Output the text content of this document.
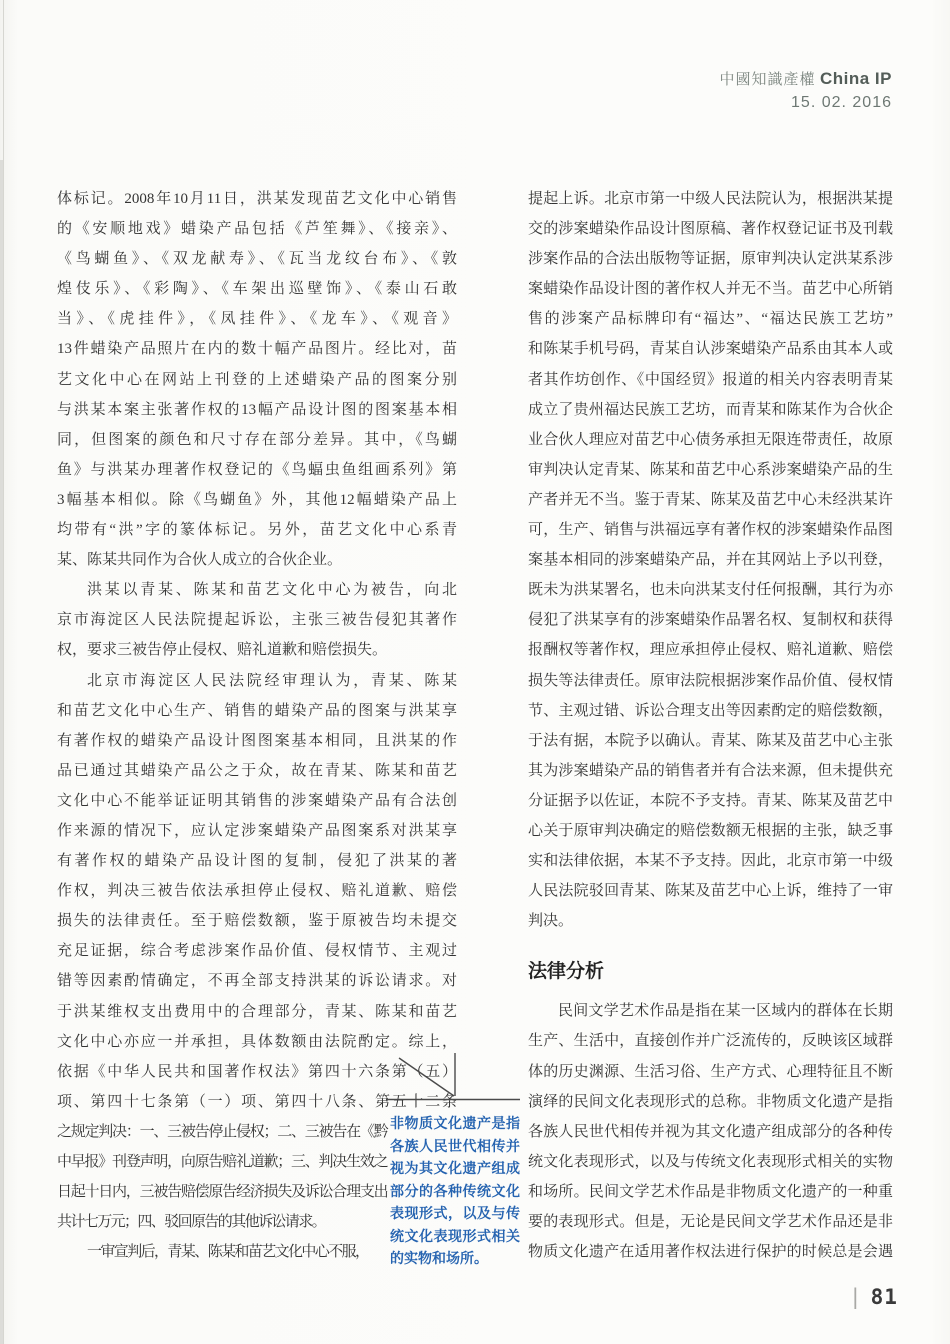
中國知識產權 China IP
15. 02. 2016
体标记。2008年10月11日，洪某发现苗艺文化中心销售
的《安顺地戏》蜡染产品包括《芦笙舞》、《接亲》、
《鸟蝴鱼》、《双龙献寿》、《瓦当龙纹台布》、《敦
煌伎乐》、《彩陶》、《车架出巡壁饰》、《泰山石敢
当》、《虎挂件》，《凤挂件》、《龙车》、《观音》
13件蜡染产品照片在内的数十幅产品图片。经比对，苗
艺文化中心在网站上刊登的上述蜡染产品的图案分别
与洪某本案主张著作权的13幅产品设计图的图案基本相
同，但图案的颜色和尺寸存在部分差异。其中，《鸟蝴
鱼》与洪某办理著作权登记的《鸟蝠虫鱼组画系列》第
3幅基本相似。除《鸟蝴鱼》外，其他12幅蜡染产品上
均带有“洪”字的篆体标记。另外，苗艺文化中心系青
某、陈某共同作为合伙人成立的合伙企业。
洪某以青某、陈某和苗艺文化中心为被告，向北
京市海淀区人民法院提起诉讼，主张三被告侵犯其著作
权，要求三被告停止侵权、赔礼道歉和赔偿损失。
北京市海淀区人民法院经审理认为，青某、陈某
和苗艺文化中心生产、销售的蜡染产品的图案与洪某享
有著作权的蜡染产品设计图图案基本相同，且洪某的作
品已通过其蜡染产品公之于众，故在青某、陈某和苗艺
文化中心不能举证证明其销售的涉案蜡染产品有合法创
作来源的情况下，应认定涉案蜡染产品图案系对洪某享
有著作权的蜡染产品设计图的复制，侵犯了洪某的著
作权，判决三被告依法承担停止侵权、赔礼道歉、赔偿
损失的法律责任。至于赔偿数额，鉴于原被告均未提交
充足证据，综合考虑涉案作品价值、侵权情节、主观过
错等因素酌情确定，不再全部支持洪某的诉讼请求。对
于洪某维权支出费用中的合理部分，青某、陈某和苗艺
文化中心亦应一并承担，具体数额由法院酌定。综上，
依据《中华人民共和国著作权法》第四十六条第（五）
项、第四十七条第（一）项、第四十八条、第五十二条
之规定判决：一、三被告停止侵权；二、三被告在《黔
中早报》刊登声明，向原告赔礼道歉；三、判决生效之
日起十日内，三被告赔偿原告经济损失及诉讼合理支出
共计七万元；四、驳回原告的其他诉讼请求。
一审宣判后，青某、陈某和苗艺文化中心不服，
提起上诉。北京市第一中级人民法院认为，根据洪某提
交的涉案蜡染作品设计图原稿、著作权登记证书及刊载
涉案作品的合法出版物等证据，原审判决认定洪某系涉
案蜡染作品设计图的著作权人并无不当。苗艺中心所销
售的涉案产品标牌印有“福达”、“福达民族工艺坊”
和陈某手机号码，青某自认涉案蜡染产品系由其本人或
者其作坊创作、《中国经贸》报道的相关内容表明青某
成立了贵州福达民族工艺坊，而青某和陈某作为合伙企
业合伙人理应对苗艺中心债务承担无限连带责任，故原
审判决认定青某、陈某和苗艺中心系涉案蜡染产品的生
产者并无不当。鉴于青某、陈某及苗艺中心未经洪某许
可，生产、销售与洪福远享有著作权的涉案蜡染作品图
案基本相同的涉案蜡染产品，并在其网站上予以刊登，
既未为洪某署名，也未向洪某支付任何报酬，其行为亦
侵犯了洪某享有的涉案蜡染作品署名权、复制权和获得
报酬权等著作权，理应承担停止侵权、赔礼道歉、赔偿
损失等法律责任。原审法院根据涉案作品价值、侵权情
节、主观过错、诉讼合理支出等因素酌定的赔偿数额，
于法有据，本院予以确认。青某、陈某及苗艺中心主张
其为涉案蜡染产品的销售者并有合法来源，但未提供充
分证据予以佐证，本院不予支持。青某、陈某及苗艺中
心关于原审判决确定的赔偿数额无根据的主张，缺乏事
实和法律依据，本某不予支持。因此，北京市第一中级
人民法院驳回青某、陈某及苗艺中心上诉，维持了一审
判决。
法律分析
民间文学艺术作品是指在某一区域内的群体在长期
生产、生活中，直接创作并广泛流传的，反映该区域群
体的历史渊源、生活习俗、生产方式、心理特征且不断
演绎的民间文化表现形式的总称。非物质文化遗产是指
各族人民世代相传并视为其文化遗产组成部分的各种传
统文化表现形式，以及与传统文化表现形式相关的实物
和场所。民间文学艺术作品是非物质文化遗产的一种重
要的表现形式。但是，无论是民间文学艺术作品还是非
物质文化遗产在适用著作权法进行保护的时候总是会遇
非物质文化遗产是指
各族人民世代相传并
视为其文化遗产组成
部分的各种传统文化
表现形式，以及与传
统文化表现形式相关
的实物和场所。
| 81
